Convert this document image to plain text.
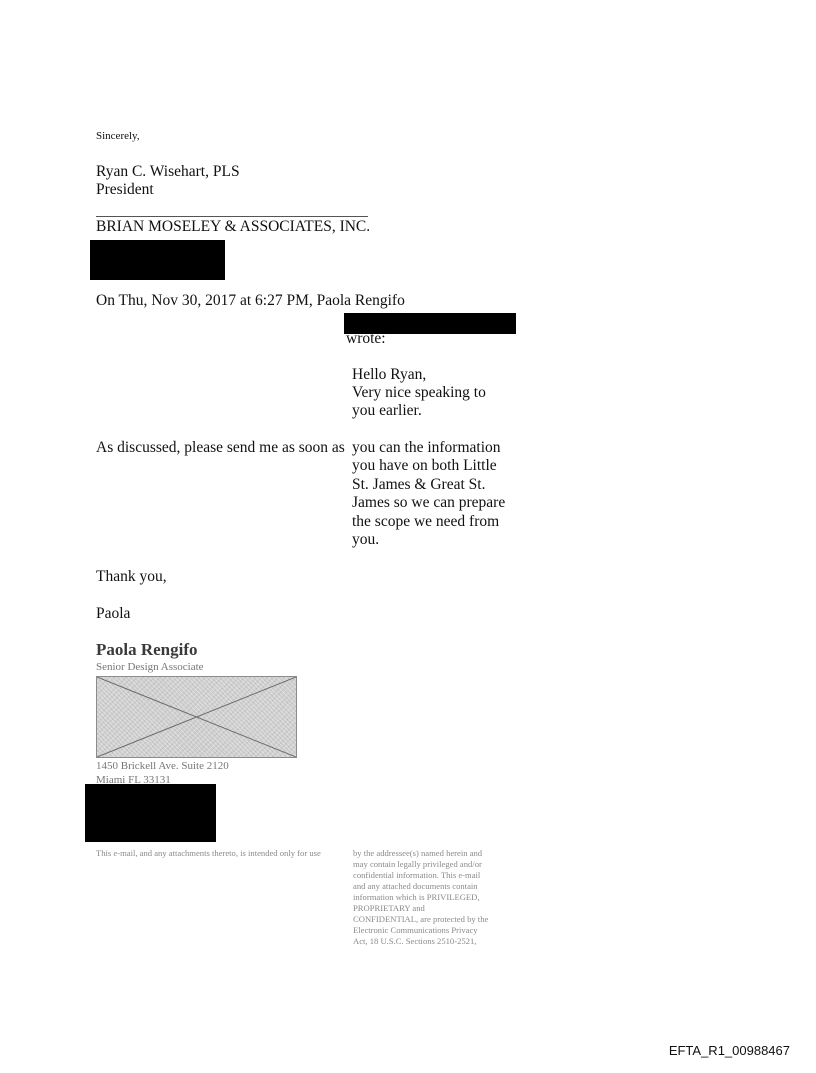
Sincerely,
Ryan C. Wisehart, PLS
President
BRIAN MOSELEY & ASSOCIATES, INC.
On Thu, Nov 30, 2017 at 6:27 PM, Paola Rengifo
wrote:
Hello Ryan,
Very nice speaking to
you earlier.
As discussed, please send me as soon as you can the information
you have on both Little
St. James & Great St.
James so we can prepare
the scope we need from
you.
Thank you,
Paola
Paola Rengifo
Senior Design Associate
1450 Brickell Ave. Suite 2120
Miami FL 33131
This e-mail, and any attachments thereto, is intended only for use	by the addressee(s) named herein and
may contain legally privileged and/or
confidential information. This e-mail
and any attached documents contain
information which is PRIVILEGED,
PROPRIETARY and
CONFIDENTIAL, are protected by the
Electronic Communications Privacy
Act, 18 U.S.C. Sections 2510-2521,
EFTA_R1_00988467
